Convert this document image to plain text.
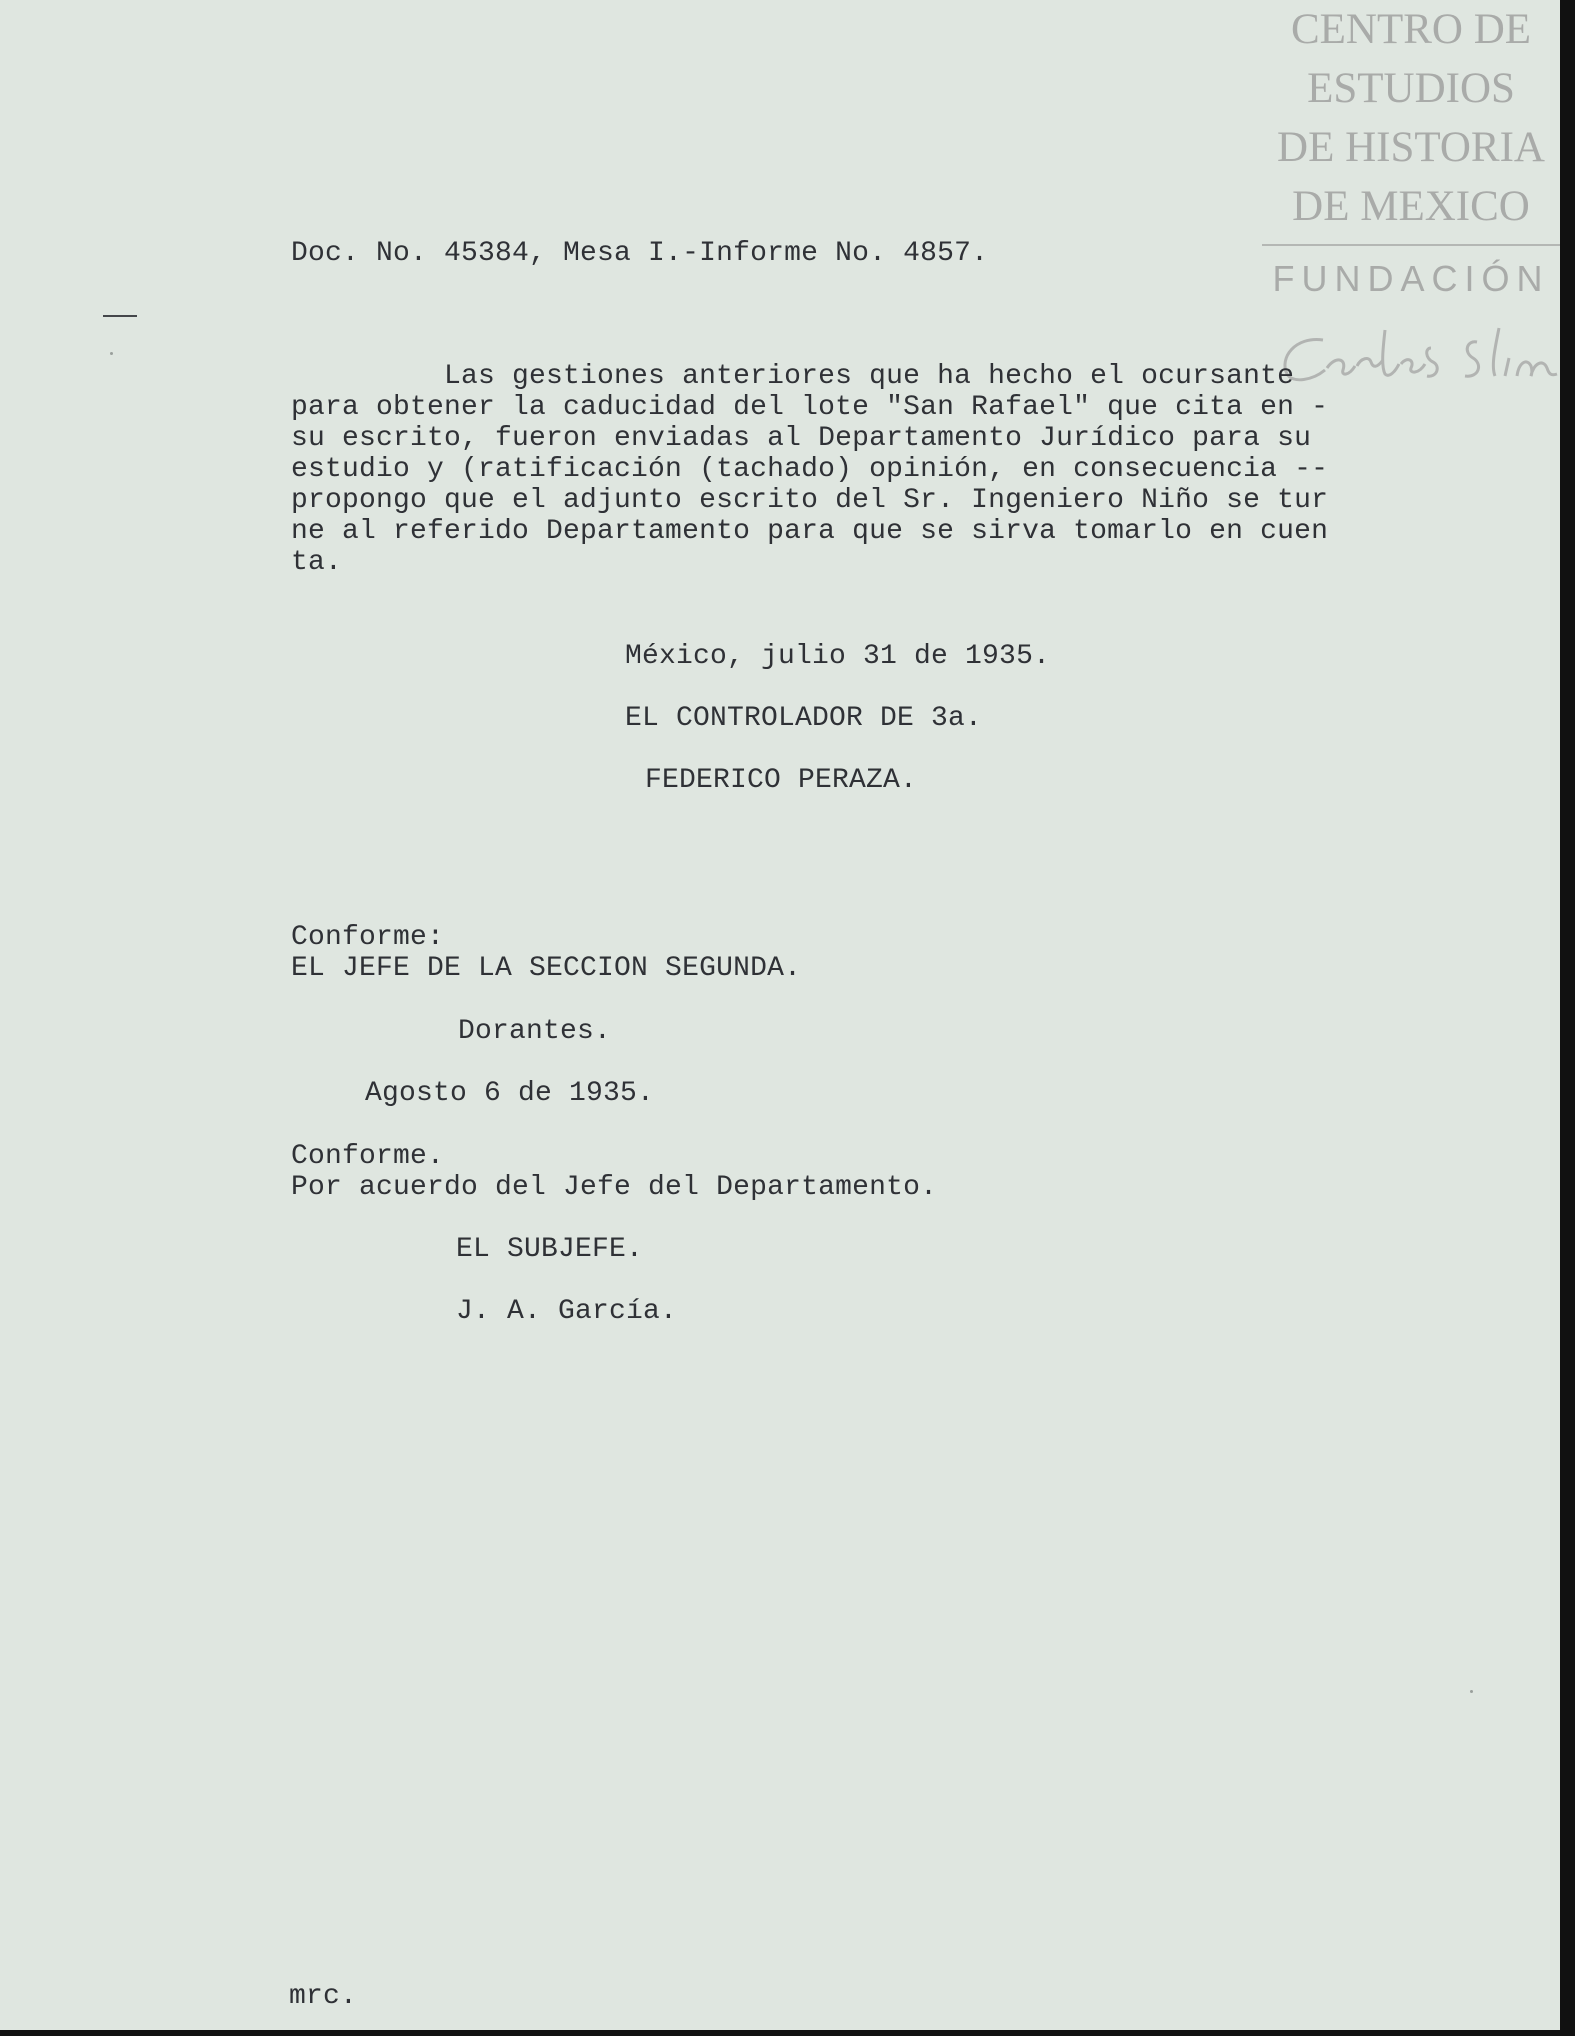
CENTRO DE
ESTUDIOS
DE HISTORIA
DE MEXICO
FUNDACIÓN
Doc. No. 45384, Mesa I.-Informe No. 4857.
Las gestiones anteriores que ha hecho el ocursante
para obtener la caducidad del lote "San Rafael" que cita en -
su escrito, fueron enviadas al Departamento Jurídico para su
estudio y (ratificación (tachado) opinión, en consecuencia --
propongo que el adjunto escrito del Sr. Ingeniero Niño se tur
ne al referido Departamento para que se sirva tomarlo en cuen
ta.
México, julio 31 de 1935.
EL CONTROLADOR DE 3a.
FEDERICO PERAZA.
Conforme:
EL JEFE DE LA SECCION SEGUNDA.
Dorantes.
Agosto 6 de 1935.
Conforme.
Por acuerdo del Jefe del Departamento.
EL SUBJEFE.
J. A. García.
mrc.
